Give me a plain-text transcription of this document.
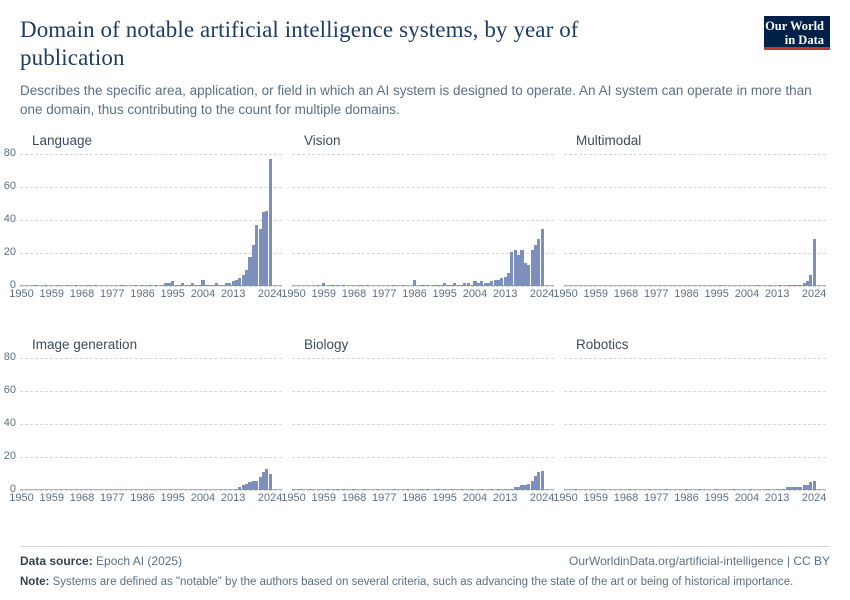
Domain of notable artificial intelligence systems, by year of publication

Describes the specific area, application, or field in which an AI system is designed to operate. An AI system can operate in more than one domain, thus contributing to the count for multiple domains.

Our World
in Data
Language
0
20
40
60
80
1950 1959 1968 1977 1986 1995 2004 2013 2024
Vision
1950 1959 1968 1977 1986 1995 2004 2013 2024
Multimodal
1950 1959 1968 1977 1986 1995 2004 2013 2024
Image generation
0
20
40
60
80
1950 1959 1968 1977 1986 1995 2004 2013 2024
Biology
1950 1959 1968 1977 1986 1995 2004 2013 2024
Robotics
1950 1959 1968 1977 1986 1995 2004 2013 2024
Data source: Epoch AI (2025)	OurWorldinData.org/artificial-intelligence | CC BY
Note: Systems are defined as "notable" by the authors based on several criteria, such as advancing the state of the art or being of historical importance.
